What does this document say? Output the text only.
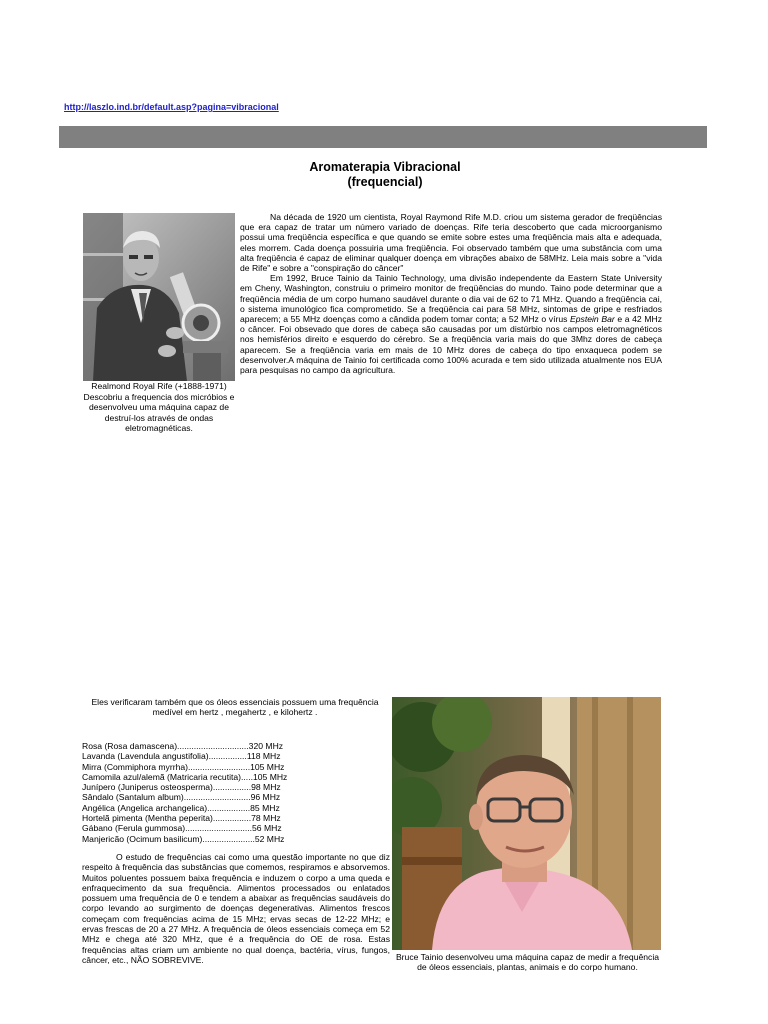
http://laszlo.ind.br/default.asp?pagina=vibracional
Aromaterapia Vibracional
(frequencial)
Realmond Royal Rife (+1888-1971) Descobriu a frequencia dos micróbios e desenvolveu uma máquina capaz de destruí-los através de ondas eletromagnéticas.

Na década de 1920 um cientista, Royal Raymond Rife M.D. criou um sistema gerador de freqüências que era capaz de tratar um número variado de doenças. Rife teria descoberto que cada microorganismo possui uma freqüência específica e que quando se emite sobre estes uma freqüência mais alta e adequada, eles morrem. Cada doença possuiria uma freqüência. Foi observado também que uma substância com uma alta freqüência é capaz de eliminar qualquer doença em vibrações abaixo de 58MHz. Leia mais sobre a "vida de Rife" e sobre a "conspiração do câncer"

Em 1992, Bruce Tainio da Tainio Technology, uma divisão independente da Eastern State University em Cheny, Washington, construiu o primeiro monitor de freqüências do mundo. Taino pode determinar que a freqüência média de um corpo humano saudável durante o dia vai de 62 to 71 MHz. Quando a freqüência cai, o sistema imunológico fica comprometido. Se a freqüência cai para 58 MHz, sintomas de gripe e resfriados aparecem; a 55 MHz doenças como a cândida podem tomar conta; a 52 MHz o vírus Epstein Bar e a 42 MHz o câncer. Foi obsevado que dores de cabeça são causadas por um distúrbio nos campos eletromagnéticos nos hemisférios direito e esquerdo do cérebro. Se a freqüência varia mais do que 3Mhz dores de cabeça aparecem. Se a freqüência varia em mais de 10 MHz dores de cabeça do tipo enxaqueca podem se desenvolver.A máquina de Tainio foi certificada como 100% acurada e tem sido utilizada atualmente nos EUA para pesquisas no campo da agricultura.

Eles verificaram também que os óleos essenciais possuem uma frequência medível em hertz , megahertz , e kilohertz .
Rosa (Rosa damascena)..............................320 MHz
Lavanda (Lavendula angustifolia)................118 MHz
Mirra (Commiphora myrrha)..........................105 MHz
Camomila azul/alemã (Matricaria recutita).....105 MHz
Junípero (Juniperus osteosperma)................98 MHz
Sândalo (Santalum album)............................96 MHz
Angélica (Angelica archangelica)..................85 MHz
Hortelã pimenta (Mentha peperita)................78 MHz
Gábano (Ferula gummosa)............................56 MHz
Manjericão (Ocimum basilicum)......................52 MHz

O estudo de frequências cai como uma questão importante no que diz respeito à frequência das substâncias que comemos, respiramos e absorvemos. Muitos poluentes possuem baixa frequência e induzem o corpo a uma queda e enfraquecimento da sua frequência. Alimentos processados ou enlatados possuem uma frequência de 0 e tendem a abaixar as frequências saudáveis do corpo levando ao surgimento de doenças degenerativas. Alimentos frescos começam com frequências acima de 15 MHz; ervas secas de 12-22 MHz; e ervas frescas de 20 a 27 MHz. A frequência de óleos essenciais começa em 52 MHz e chega até 320 MHz, que é a frequência do OE de rosa. Estas frequências altas criam um ambiente no qual doença, bactéria, vírus, fungos, câncer, etc., NÃO SOBREVIVE.	Bruce Tainio desenvolveu uma máquina capaz de medir a frequência de óleos essenciais, plantas, animais e do corpo humano.
